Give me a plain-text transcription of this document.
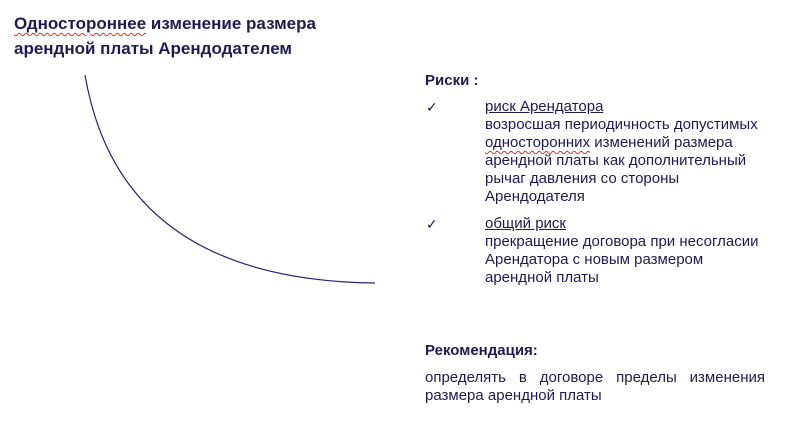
Одностороннее изменение размера арендной платы Арендодателем
Риски :
✓	риск Арендатора
возросшая периодичность допустимых односторонних изменений размера арендной платы как дополнительный рычаг давления со стороны Арендодателя
✓	общий риск
прекращение договора при несогласии Арендатора с новым размером арендной платы
Рекомендация:
определять в договоре пределы изменения размера арендной платы
